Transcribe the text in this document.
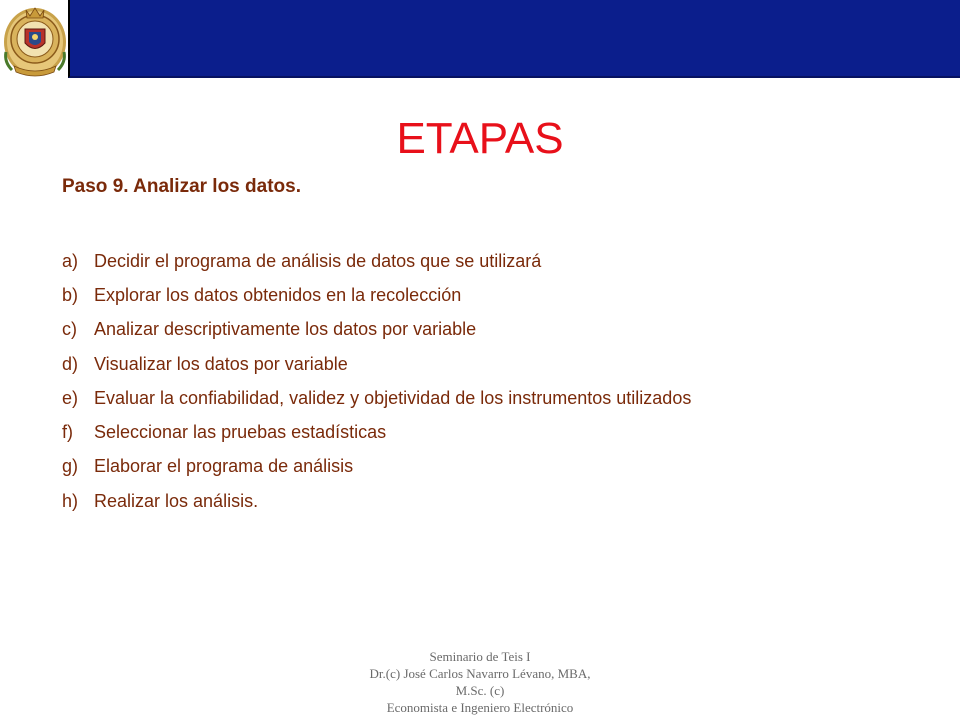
ETAPAS
Paso 9. Analizar los datos.
a) Decidir el programa de análisis de datos que se utilizará
b) Explorar los datos obtenidos en la recolección
c) Analizar descriptivamente los datos por variable
d) Visualizar los datos por variable
e) Evaluar la confiabilidad, validez y objetividad de los instrumentos utilizados
f)	Seleccionar las pruebas estadísticas
g) Elaborar el programa de análisis
h) Realizar los análisis.
Seminario de Teis I
Dr.(c) José Carlos Navarro Lévano, MBA,
M.Sc. (c)
Economista e Ingeniero Electrónico
